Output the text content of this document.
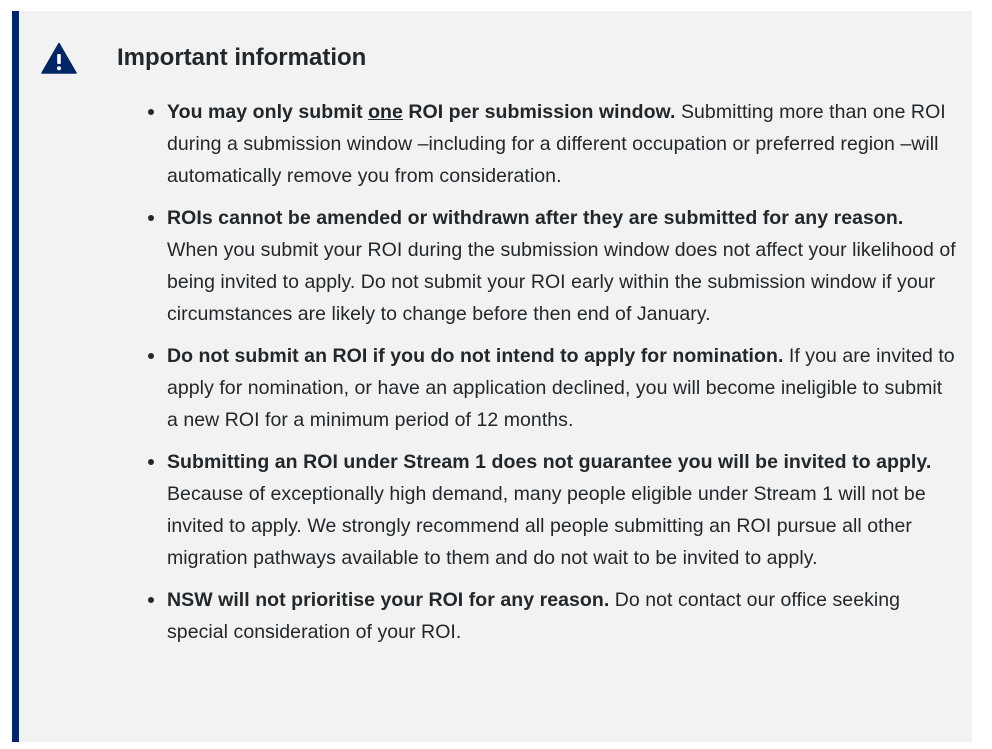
Important information
You may only submit one ROI per submission window. Submitting more than one ROI during a submission window –including for a different occupation or preferred region –will automatically remove you from consideration.
ROIs cannot be amended or withdrawn after they are submitted for any reason. When you submit your ROI during the submission window does not affect your likelihood of being invited to apply. Do not submit your ROI early within the submission window if your circumstances are likely to change before then end of January.
Do not submit an ROI if you do not intend to apply for nomination. If you are invited to apply for nomination, or have an application declined, you will become ineligible to submit a new ROI for a minimum period of 12 months.
Submitting an ROI under Stream 1 does not guarantee you will be invited to apply. Because of exceptionally high demand, many people eligible under Stream 1 will not be invited to apply. We strongly recommend all people submitting an ROI pursue all other migration pathways available to them and do not wait to be invited to apply.
NSW will not prioritise your ROI for any reason. Do not contact our office seeking special consideration of your ROI.
